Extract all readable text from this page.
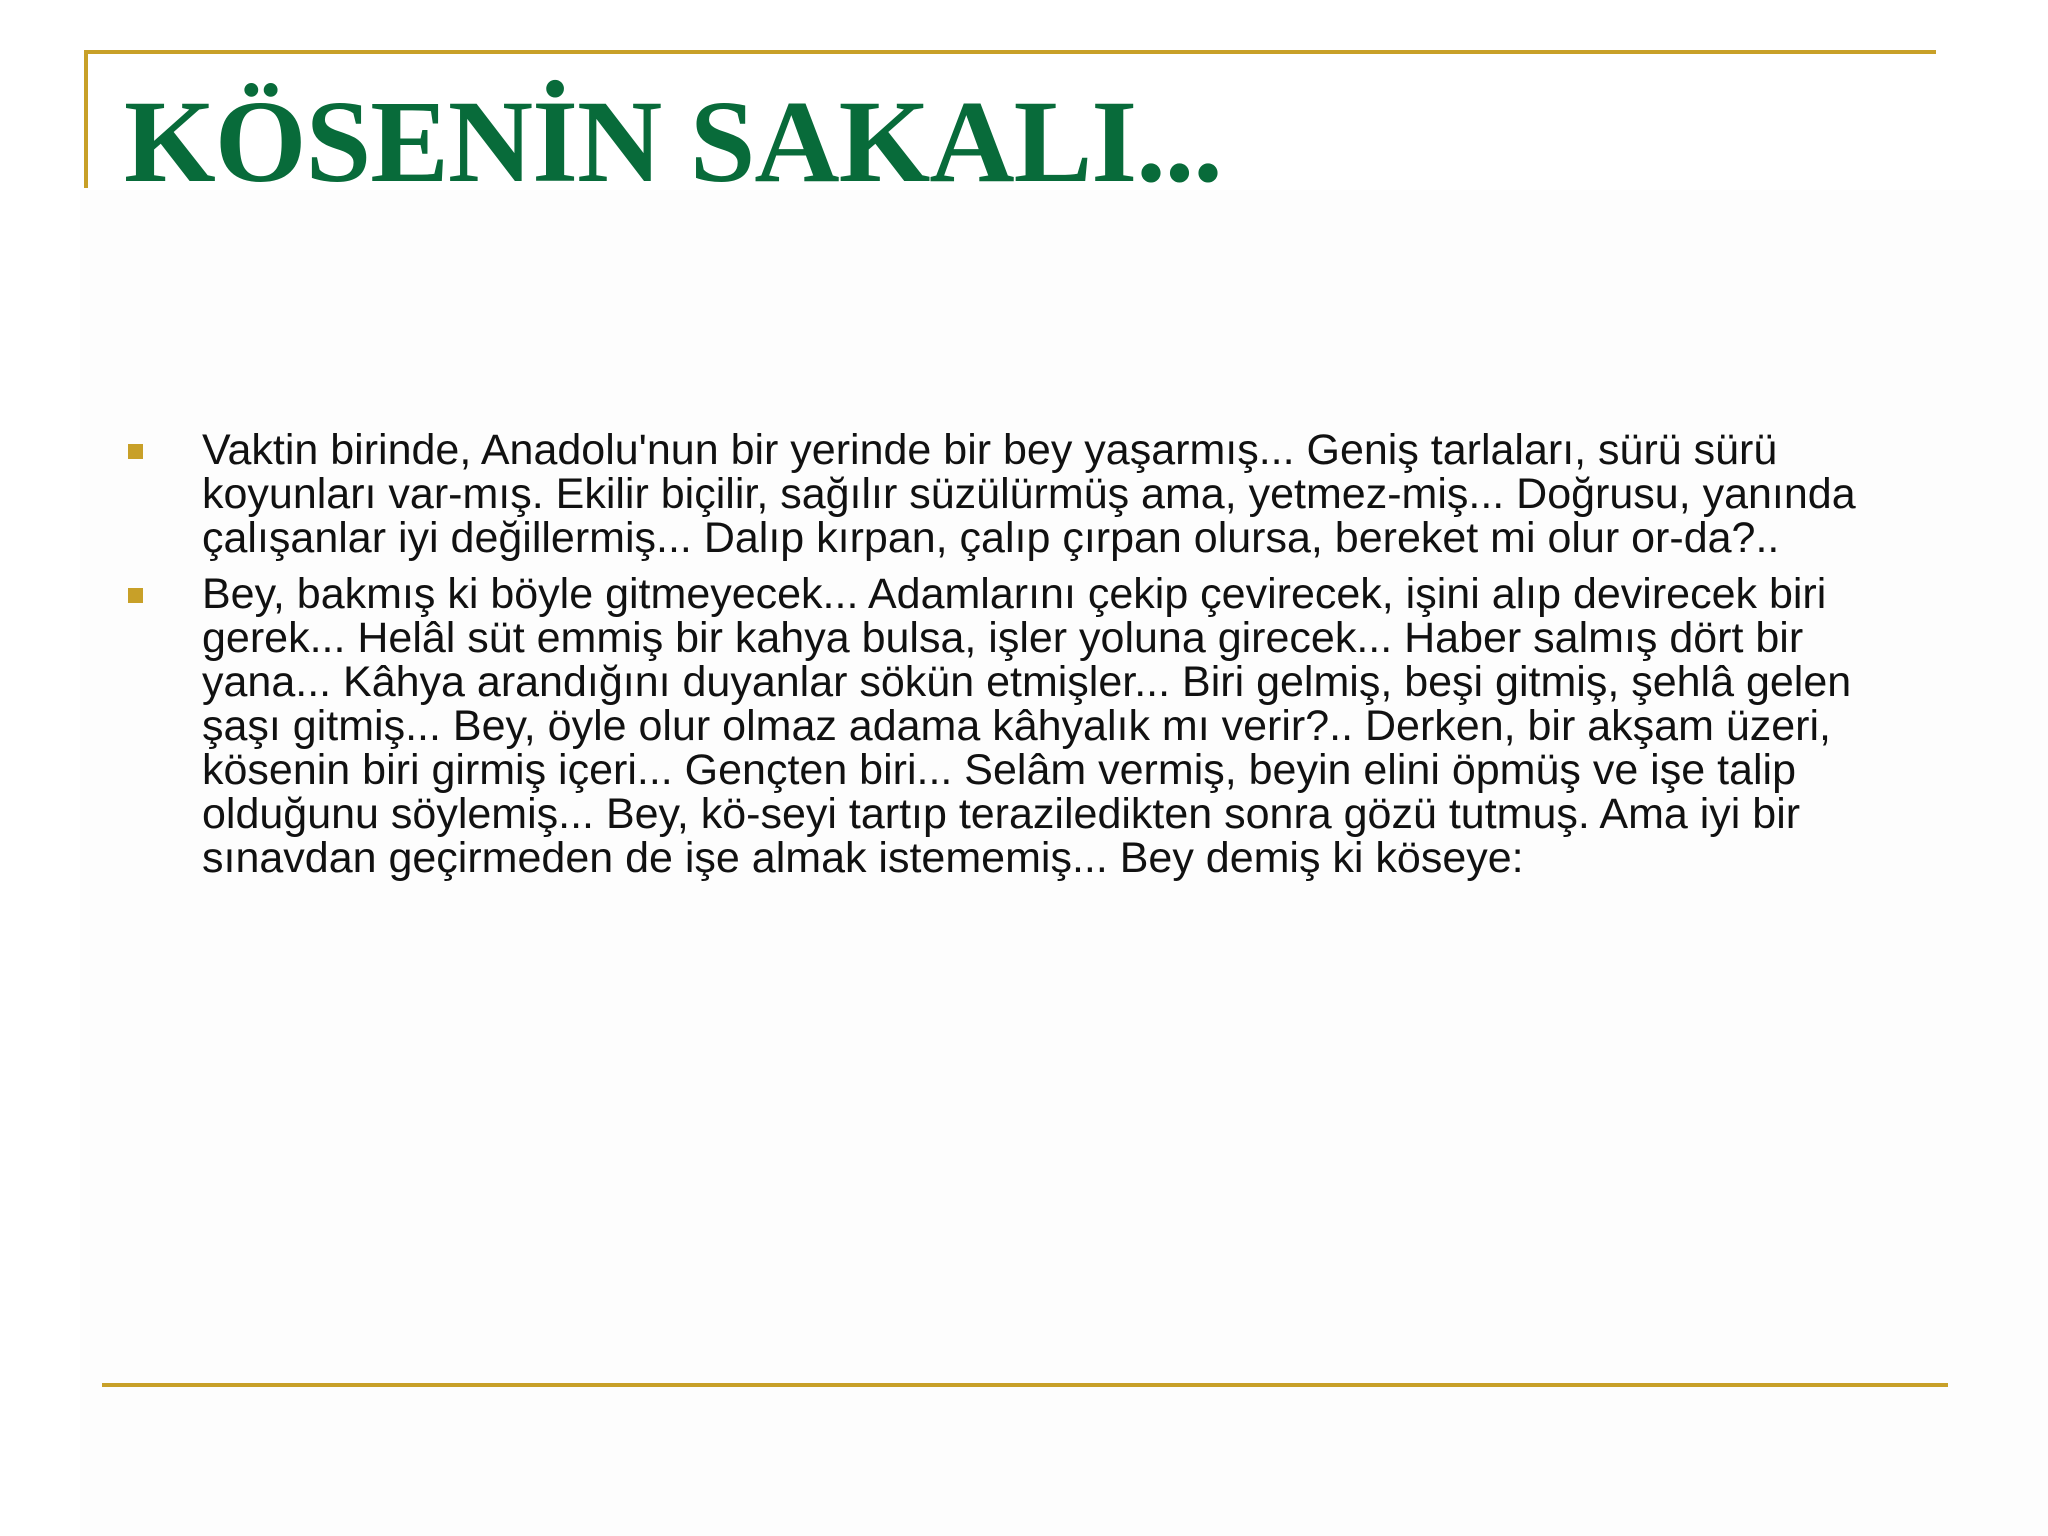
KÖSENİN SAKALI...

Vaktin birinde, Anadolu'nun bir yerinde bir bey yaşarmış... Geniş tarlaları, sürü sürü koyunları var-mış. Ekilir biçilir, sağılır süzülürmüş ama, yetmez-miş... Doğrusu, yanında çalışanlar iyi değillermiş... Dalıp kırpan, çalıp çırpan olursa, bereket mi olur or-da?..

Bey, bakmış ki böyle gitmeyecek... Adamlarını çekip çevirecek, işini alıp devirecek biri gerek... Helâl süt emmiş bir kahya bulsa, işler yoluna girecek... Haber salmış dört bir yana... Kâhya arandığını duyanlar sökün etmişler... Biri gelmiş, beşi gitmiş, şehlâ gelen şaşı gitmiş... Bey, öyle olur olmaz adama kâhyalık mı verir?.. Derken, bir akşam üzeri, kösenin biri girmiş içeri... Gençten biri... Selâm vermiş, beyin elini öpmüş ve işe talip olduğunu söylemiş... Bey, kö-seyi tartıp teraziledikten sonra gözü tutmuş. Ama iyi bir sınavdan geçirmeden de işe almak istememiş... Bey demiş ki köseye:
